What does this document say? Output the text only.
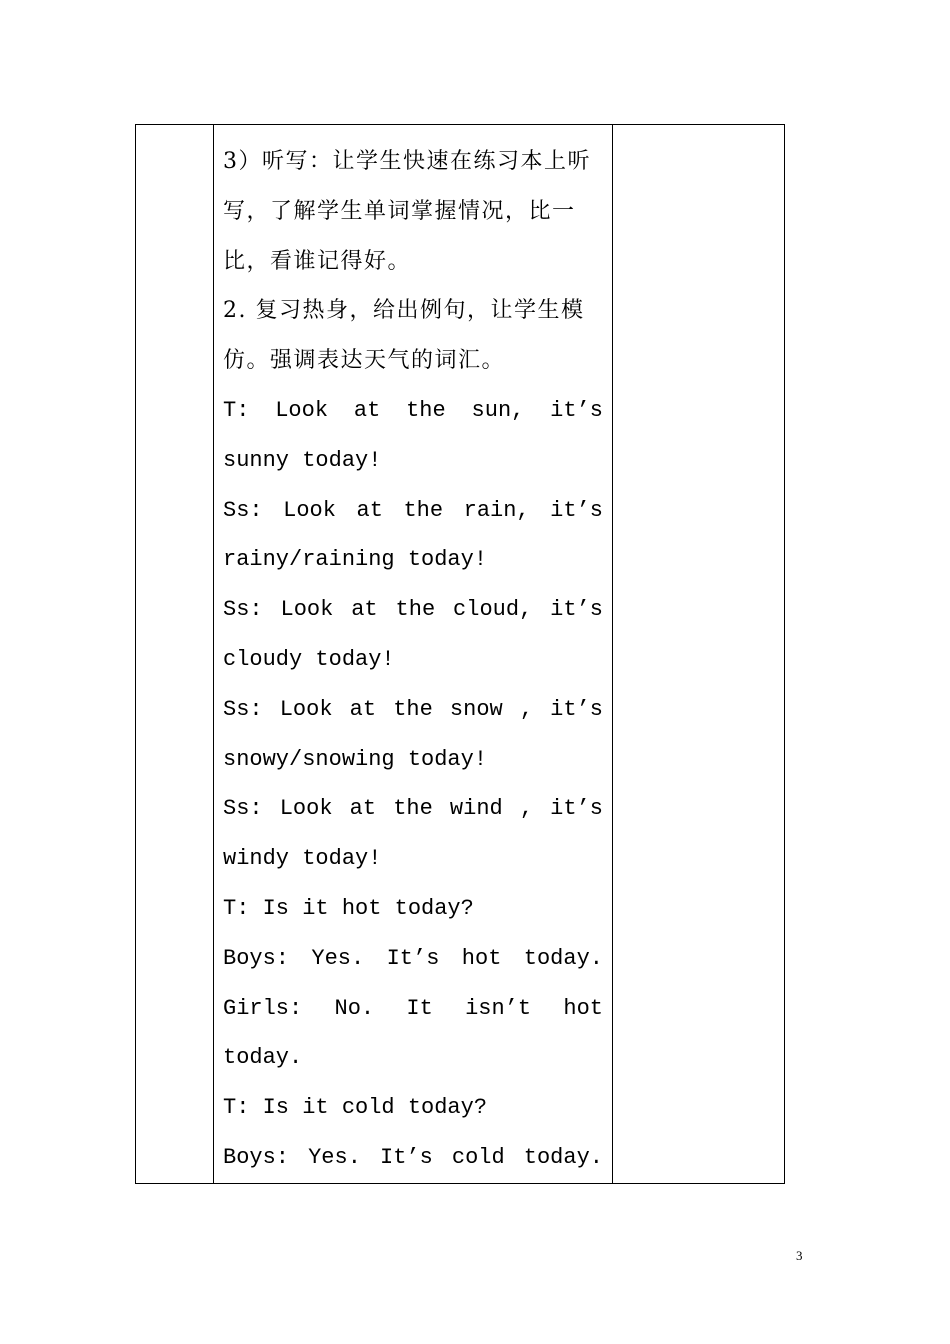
3）听写：让学生快速在练习本上听
写，了解学生单词掌握情况，比一
比，看谁记得好。
2. 复习热身，给出例句，让学生模
仿。强调表达天气的词汇。
T: Look at the sun, it’s
sunny today!
Ss: Look at the rain, it’s
rainy/raining today!
Ss: Look at the cloud, it’s
cloudy today!
Ss: Look at the snow , it’s
snowy/snowing today!
Ss: Look at the wind , it’s
windy today!
T: Is it hot today?
Boys: Yes. It’s hot today.
Girls: No. It isn’t hot
today.
T: Is it cold today?
Boys: Yes. It’s cold today.

3
